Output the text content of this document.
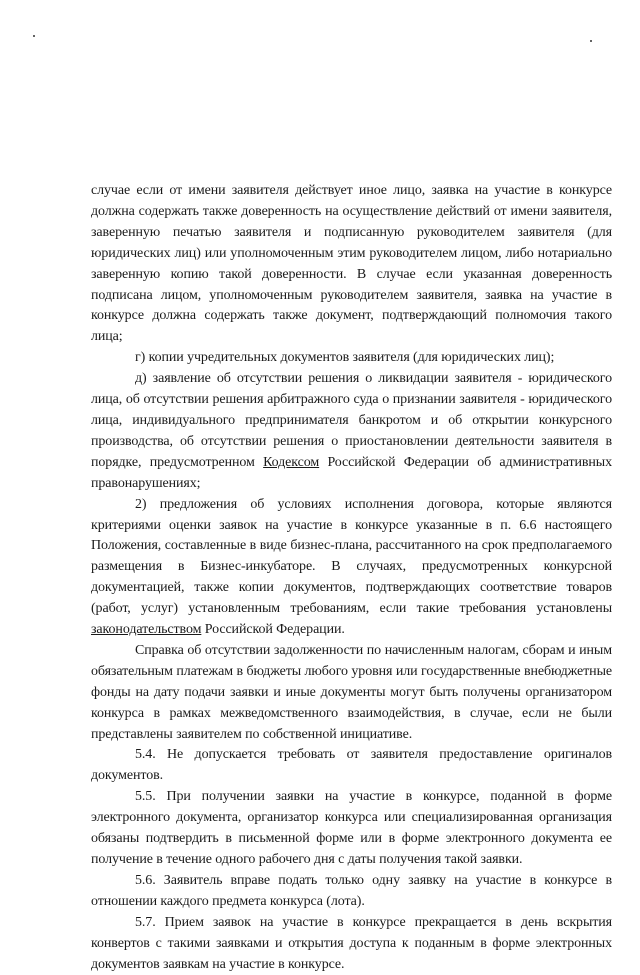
случае если от имени заявителя действует иное лицо, заявка на участие в конкурсе должна содержать также доверенность на осуществление действий от имени заявителя, заверенную печатью заявителя и подписанную руководителем заявителя (для юридических лиц) или уполномоченным этим руководителем лицом, либо нотариально заверенную копию такой доверенности. В случае если указанная доверенность подписана лицом, уполномоченным руководителем заявителя, заявка на участие в конкурсе должна содержать также документ, подтверждающий полномочия такого лица;

г) копии учредительных документов заявителя (для юридических лиц);

д) заявление об отсутствии решения о ликвидации заявителя - юридического лица, об отсутствии решения арбитражного суда о признании заявителя - юридического лица, индивидуального предпринимателя банкротом и об открытии конкурсного производства, об отсутствии решения о приостановлении деятельности заявителя в порядке, предусмотренном Кодексом Российской Федерации об административных правонарушениях;

2) предложения об условиях исполнения договора, которые являются критериями оценки заявок на участие в конкурсе указанные в п. 6.6 настоящего Положения, составленные в виде бизнес-плана, рассчитанного на срок предполагаемого размещения в Бизнес-инкубаторе. В случаях, предусмотренных конкурсной документацией, также копии документов, подтверждающих соответствие товаров (работ, услуг) установленным требованиям, если такие требования установлены законодательством Российской Федерации.

Справка об отсутствии задолженности по начисленным налогам, сборам и иным обязательным платежам в бюджеты любого уровня или государственные внебюджетные фонды на дату подачи заявки и иные документы могут быть получены организатором конкурса в рамках межведомственного взаимодействия, в случае, если не были представлены заявителем по собственной инициативе.

5.4. Не допускается требовать от заявителя предоставление оригиналов документов.

5.5. При получении заявки на участие в конкурсе, поданной в форме электронного документа, организатор конкурса или специализированная организация обязаны подтвердить в письменной форме или в форме электронного документа ее получение в течение одного рабочего дня с даты получения такой заявки.

5.6. Заявитель вправе подать только одну заявку на участие в конкурсе в отношении каждого предмета конкурса (лота).

5.7. Прием заявок на участие в конкурсе прекращается в день вскрытия конвертов с такими заявками и открытия доступа к поданным в форме электронных документов заявкам на участие в конкурсе.
